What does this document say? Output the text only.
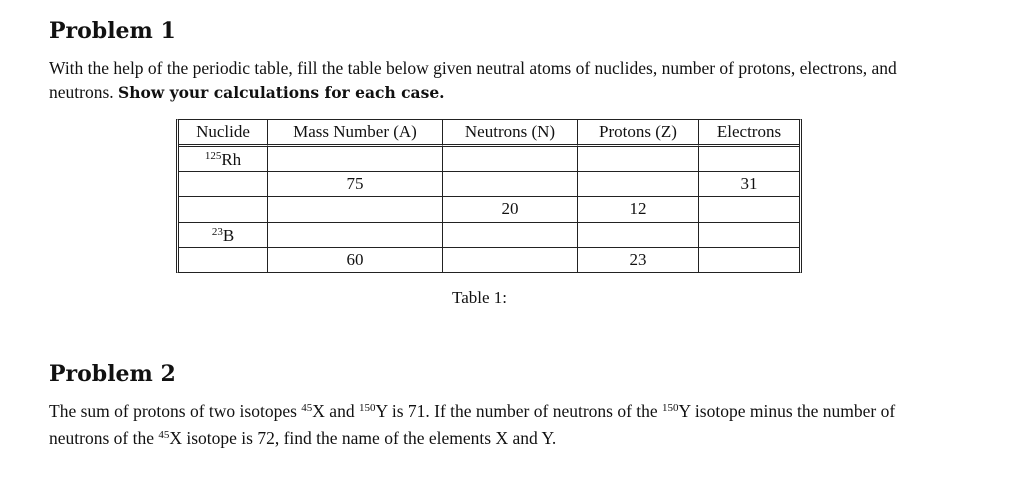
Problem 1

With the help of the periodic table, fill the table below given neutral atoms of nuclides, number of protons, electrons, and neutrons. Show your calculations for each case.

Nuclide	Mass Number (A)	Neutrons (N)	Protons (Z)	Electrons
$^{125}$Rh				
	75			31
		20	12	
$^{23}$B				
	60		23	
Table 1:
Problem 2

The sum of protons of two isotopes $^{45}$X and $^{150}$Y is 71. If the number of neutrons of the $^{150}$Y isotope minus the number of neutrons of the $^{45}$X isotope is 72, find the name of the elements X and Y.
